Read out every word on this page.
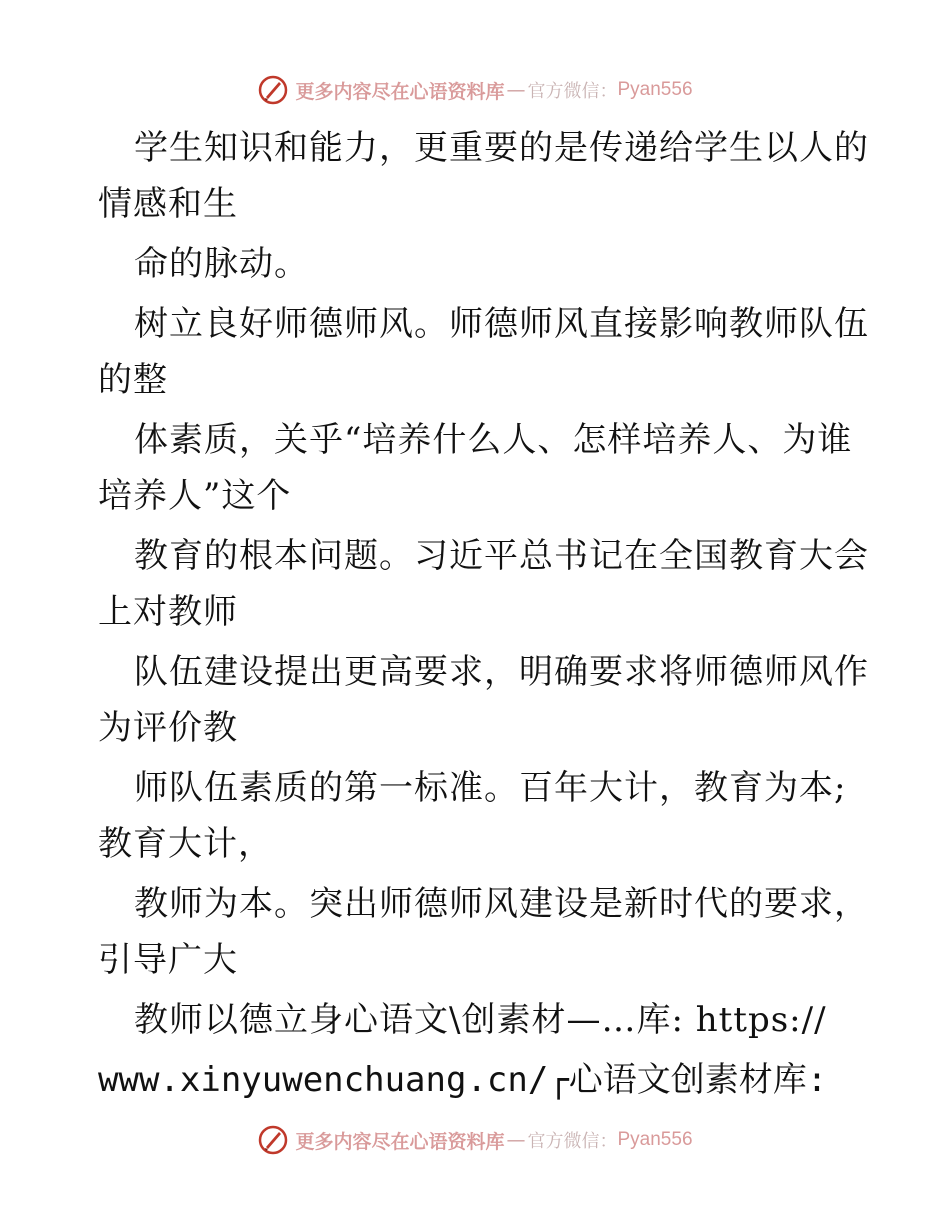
更多内容尽在心语资料库 — 官方微信： Pyan556
学生知识和能力，更重要的是传递给学生以人的
情感和生
命的脉动。
树立良好师德师风。师德师风直接影响教师队伍
的整
体素质，关乎“培养什么人、怎样培养人、为谁
培养人”这个
教育的根本问题。习近平总书记在全国教育大会
上对教师
队伍建设提出更高要求，明确要求将师德师风作
为评价教
师队伍素质的第一标准。百年大计，教育为本;
教育大计，
教师为本。突出师德师风建设是新时代的要求，
引导广大
教师以德立身心语文\创素材—…库: https://
www.xinyuwenchuang.cn/┌心语文创素材库:
更多内容尽在心语资料库 — 官方微信： Pyan556
